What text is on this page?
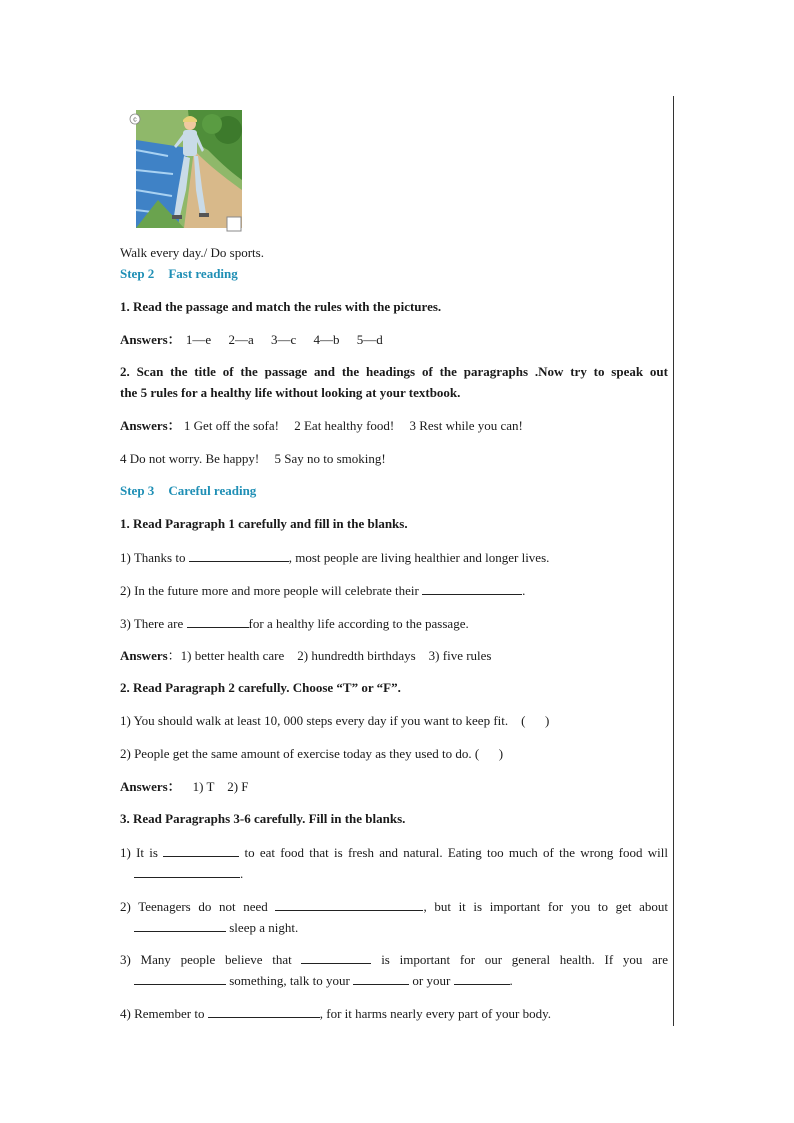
c
Walk every day./ Do sports.
Step 2 Fast reading
1. Read the passage and match the rules with the pictures.
Answers： 1—e 2—a 3—c 4—b 5—d
2. Scan the title of the passage and the headings of the paragraphs .Now try to speak out
the 5 rules for a healthy life without looking at your textbook.
Answers： 1 Get off the sofa! 2 Eat healthy food! 3 Rest while you can!
4 Do not worry. Be happy! 5 Say no to smoking!
Step 3 Careful reading
1. Read Paragraph 1 carefully and fill in the blanks.
1) Thanks to	, most people are living healthier and longer lives.
2) In the future more and more people will celebrate their	.
3) There are	for a healthy life according to the passage.
Answers：1) better health care    2) hundredth birthdays    3) five rules
2. Read Paragraph 2 carefully. Choose “T” or “F”.
1) You should walk at least 10, 000 steps every day if you want to keep fit.    (      )
2) People get the same amount of exercise today as they used to do. (      )
Answers： 1) T    2) F
3. Read Paragraphs 3-6 carefully. Fill in the blanks.
1) It is	to eat food that is fresh and natural. Eating too much of the wrong food will
.
2) Teenagers do not need	, but it is important for you to get about
sleep a night.
3) Many people believe that	is important for our general health. If you are
something, talk to your	or your	.
4) Remember to	, for it harms nearly every part of your body.
